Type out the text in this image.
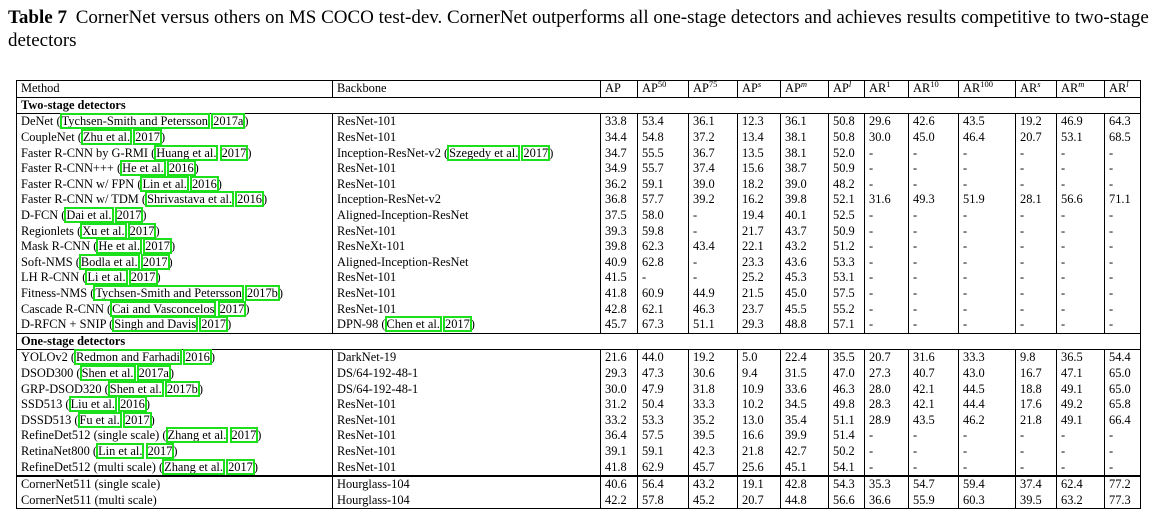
Table 7 CornerNet versus others on MS COCO test-dev. CornerNet outperforms all one-stage detectors and achieves results competitive to two-stage detectors
Method	Backbone	AP	AP$^{50}$	AP$^{75}$	$AP^s$	$AP^m$	$AP^l$	$AR^1$	AR$^{10}$	AR$^{100}$	$AR^s$	$AR^m$	$AR^l$
Two-stage detectors													
DeNet (Tychsen-Smith and Petersson 2017a)	ResNet-101	33.8	53.4	36.1	12.3	36.1	50.8	29.6	42.6	43.5	19.2	46.9	64.3
CoupleNet (Zhu et al. 2017)	ResNet-101	34.4	54.8	37.2	13.4	38.1	50.8	30.0	45.0	46.4	20.7	53.1	68.5
Faster R-CNN by G-RMI (Huang et al. 2017)	Inception-ResNet-v2 (Szegedy et al. 2017)	34.7	55.5	36.7	13.5	38.1	52.0	-	-	-	-	-	-
Faster R-CNN+++ (He et al. 2016)	ResNet-101	34.9	55.7	37.4	15.6	38.7	50.9	-	-	-	-	-	-
Faster R-CNN w/ FPN (Lin et al. 2016)	ResNet-101	36.2	59.1	39.0	18.2	39.0	48.2	-	-	-	-	-	-
Faster R-CNN w/ TDM (Shrivastava et al. 2016)	Inception-ResNet-v2	36.8	57.7	39.2	16.2	39.8	52.1	31.6	49.3	51.9	28.1	56.6	71.1
D-FCN (Dai et al. 2017)	Aligned-Inception-ResNet	37.5	58.0	-	19.4	40.1	52.5	-	-	-	-	-	-
Regionlets (Xu et al. 2017)	ResNet-101	39.3	59.8	-	21.7	43.7	50.9	-	-	-	-	-	-
Mask R-CNN (He et al. 2017)	ResNeXt-101	39.8	62.3	43.4	22.1	43.2	51.2	-	-	-	-	-	-
Soft-NMS (Bodla et al. 2017)	Aligned-Inception-ResNet	40.9	62.8	-	23.3	43.6	53.3	-	-	-	-	-	-
LH R-CNN (Li et al. 2017)	ResNet-101	41.5	-	-	25.2	45.3	53.1	-	-	-	-	-	-
Fitness-NMS (Tychsen-Smith and Petersson 2017b)	ResNet-101	41.8	60.9	44.9	21.5	45.0	57.5	-	-	-	-	-	-
Cascade R-CNN (Cai and Vasconcelos 2017)	ResNet-101	42.8	62.1	46.3	23.7	45.5	55.2	-	-	-	-	-	-
D-RFCN + SNIP (Singh and Davis 2017)	DPN-98 (Chen et al. 2017)	45.7	67.3	51.1	29.3	48.8	57.1	-	-	-	-	-	-
One-stage detectors													
YOLOv2 (Redmon and Farhadi 2016)	DarkNet-19	21.6	44.0	19.2	5.0	22.4	35.5	20.7	31.6	33.3	9.8	36.5	54.4
DSOD300 (Shen et al. 2017a)	DS/64-192-48-1	29.3	47.3	30.6	9.4	31.5	47.0	27.3	40.7	43.0	16.7	47.1	65.0
GRP-DSOD320 (Shen et al. 2017b)	DS/64-192-48-1	30.0	47.9	31.8	10.9	33.6	46.3	28.0	42.1	44.5	18.8	49.1	65.0
SSD513 (Liu et al. 2016)	ResNet-101	31.2	50.4	33.3	10.2	34.5	49.8	28.3	42.1	44.4	17.6	49.2	65.8
DSSD513 (Fu et al. 2017)	ResNet-101	33.2	53.3	35.2	13.0	35.4	51.1	28.9	43.5	46.2	21.8	49.1	66.4
RefineDet512 (single scale) (Zhang et al. 2017)	ResNet-101	36.4	57.5	39.5	16.6	39.9	51.4	-	-	-	-	-	-
RetinaNet800 (Lin et al. 2017)	ResNet-101	39.1	59.1	42.3	21.8	42.7	50.2	-	-	-	-	-	-
RefineDet512 (multi scale) (Zhang et al. 2017)	ResNet-101	41.8	62.9	45.7	25.6	45.1	54.1	-	-	-	-	-	-
CornerNet511 (single scale)	Hourglass-104	40.6	56.4	43.2	19.1	42.8	54.3	35.3	54.7	59.4	37.4	62.4	77.2
CornerNet511 (multi scale)	Hourglass-104	42.2	57.8	45.2	20.7	44.8	56.6	36.6	55.9	60.3	39.5	63.2	77.3
